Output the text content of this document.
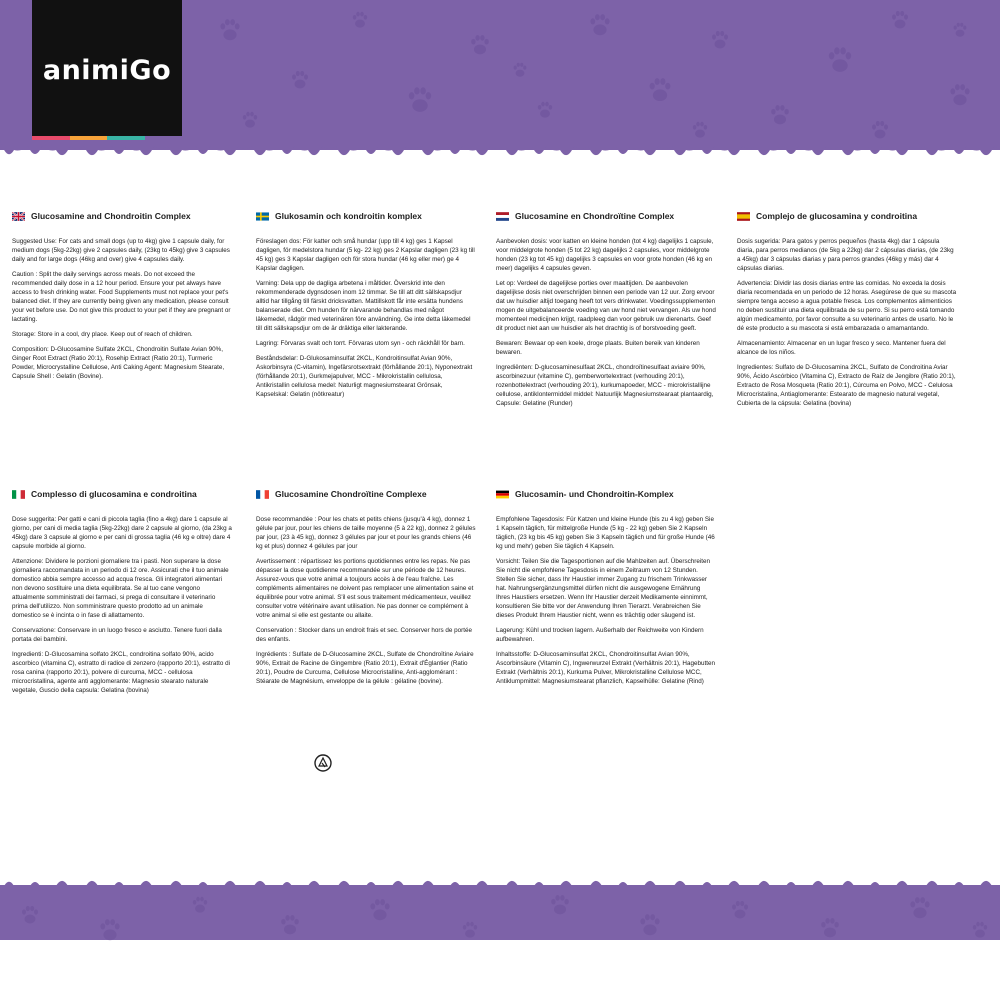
animiGo
Glucosamine and Chondroitin Complex

Suggested Use: For cats and small dogs (up to 4kg) give 1 capsule daily, for medium dogs (5kg-22kg) give 2 capsules daily, (23kg to 45kg) give 3 capsules daily and for large dogs (46kg and over) give 4 capsules daily.

Caution : Split the daily servings across meals. Do not exceed the recommended daily dose in a 12 hour period. Ensure your pet always have access to fresh drinking water. Food Supplements must not replace your pet's balanced diet. If they are currently being given any medication, please consult your vet before use. Do not give this product to your pet if they are pregnant or lactating.

Storage: Store in a cool, dry place. Keep out of reach of children.

Composition: D-Glucosamine Sulfate 2KCL, Chondroitin Sulfate Avian 90%, Ginger Root Extract (Ratio 20:1), Rosehip Extract (Ratio 20:1), Turmeric Powder, Microcrystalline Cellulose, Anti Caking Agent: Magnesium Stearate, Capsule Shell : Gelatin (Bovine).

Glukosamin och kondroitin komplex

Föreslagen dos: För katter och små hundar (upp till 4 kg) ges 1 Kapsel dagligen, för medelstora hundar (5 kg- 22 kg) ges 2 Kapslar dagligen (23 kg till 45 kg) ges 3 Kapslar dagligen och för stora hundar (46 kg eller mer) ge 4 Kapslar dagligen.

Varning: Dela upp de dagliga arbetena i måltider. Överskrid inte den rekommenderade dygnsdosen inom 12 timmar. Se till att ditt sällskapsdjur alltid har tillgång till färskt dricksvatten. Mattillskott får inte ersätta hundens balanserade diet. Om hunden för närvarande behandlas med något läkemedel, rådgör med veterinären före användning. Ge inte detta läkemedel till ditt sällskapsdjur om de är dräktiga eller lakterande.

Lagring: Förvaras svalt och torrt. Förvaras utom syn - och räckhåll för barn.

Beståndsdelar: D-Glukosaminsulfat 2KCL, Kondroitinsulfat Avian 90%, Askorbinsyra (C-vitamin), Ingefärsrotsextrakt (förhållande 20:1), Nyponextrakt (förhållande 20:1), Gurkmejapulver, MCC - Mikrokristallin cellulosa, Antikristallin cellulosa medel: Naturligt magnesiumstearat Grönsak, Kapselskal: Gelatin (nötkreatur)

Glucosamine en Chondroïtine Complex

Aanbevolen dosis: voor katten en kleine honden (tot 4 kg) dagelijks 1 capsule, voor middelgrote honden (5 tot 22 kg) dagelijks 2 capsules, voor middelgrote honden (23 kg tot 45 kg) dagelijks 3 capsules en voor grote honden (46 kg en meer) dagelijks 4 capsules geven.

Let op: Verdeel de dagelijkse porties over maaltijden. De aanbevolen dagelijkse dosis niet overschrijden binnen een periode van 12 uur. Zorg ervoor dat uw huisdier altijd toegang heeft tot vers drinkwater. Voedingssupplementen mogen de uitgebalanceerde voeding van uw hond niet vervangen. Als uw hond momenteel medicijnen krijgt, raadpleeg dan voor gebruik uw dierenarts. Geef dit product niet aan uw huisdier als het drachtig is of borstvoeding geeft.

Bewaren: Bewaar op een koele, droge plaats. Buiten bereik van kinderen bewaren.

Ingrediënten: D-glucosaminesulfaat 2KCL, chondroïtinesulfaat aviaire 90%, ascorbinezuur (vitamine C), gemberwortelextract (verhouding 20:1), rozenbottelextract (verhouding 20:1), kurkumapoeder, MCC - microkristallijne cellulose, antiklontermiddel middel: Natuurlijk Magnesiumstearaat plantaardig, Capsule: Gelatine (Runder)

Complejo de glucosamina y condroitina

Dosis sugerida: Para gatos y perros pequeños (hasta 4kg) dar 1 cápsula diaria, para perros medianos (de 5kg a 22kg) dar 2 cápsulas diarias, (de 23kg a 45kg) dar 3 cápsulas diarias y para perros grandes (46kg y más) dar 4 cápsulas diarias.

Advertencia: Dividir las dosis diarias entre las comidas. No exceda la dosis diaria recomendada en un periodo de 12 horas. Asegúrese de que su mascota siempre tenga acceso a agua potable fresca. Los complementos alimenticios no deben sustituir una dieta equilibrada de su perro. Si su perro está tomando algún medicamento, por favor consulte a su veterinario antes de usarlo. No le dé este producto a su mascota si está embarazada o amamantando.

Almacenamiento: Almacenar en un lugar fresco y seco. Mantener fuera del alcance de los niños.

Ingredientes: Sulfato de D-Glucosamina 2KCL, Sulfato de Condroitina Aviar 90%, Ácido Ascórbico (Vitamina C), Extracto de Raíz de Jengibre (Ratio 20:1), Extracto de Rosa Mosqueta (Ratio 20:1), Cúrcuma en Polvo, MCC - Celulosa Microcristalina, Antiaglomerante: Estearato de magnesio natural vegetal, Cubierta de la cápsula: Gelatina (bovina)

Complesso di glucosamina e condroitina

Dose suggerita: Per gatti e cani di piccola taglia (fino a 4kg) dare 1 capsule al giorno, per cani di media taglia (5kg-22kg) dare 2 capsule al giorno, (da 23kg a 45kg) dare 3 capsule al giorno e per cani di grossa taglia (46 kg e oltre) dare 4 capsule morbide al giorno.

Attenzione: Dividere le porzioni giornaliere tra i pasti. Non superare la dose giornaliera raccomandata in un periodo di 12 ore. Assicurati che il tuo animale domestico abbia sempre accesso ad acqua fresca. Gli integratori alimentari non devono sostituire una dieta equilibrata. Se al tuo cane vengono attualmente somministrati dei farmaci, si prega di consultare il veterinario prima dell'utilizzo. Non somministrare questo prodotto ad un animale domestico se è incinta o in fase di allattamento.

Conservazione: Conservare in un luogo fresco e asciutto. Tenere fuori dalla portata dei bambini.

Ingredienti: D-Glucosamina solfato 2KCL, condroitina solfato 90%, acido ascorbico (vitamina C), estratto di radice di zenzero (rapporto 20:1), estratto di rosa canina (rapporto 20:1), polvere di curcuma, MCC - cellulosa microcristallina, agente anti agglomerante: Magnesio stearato naturale vegetale, Guscio della capsula: Gelatina (bovina)

Glucosamine Chondroïtine Complexe

Dose recommandée : Pour les chats et petits chiens (jusqu'à 4 kg), donnez 1 gélule par jour, pour les chiens de taille moyenne (5 à 22 kg), donnez 2 gélules par jour, (23 à 45 kg), donnez 3 gélules par jour et pour les grands chiens (46 kg et plus) donnez 4 gélules par jour

Avertissement : répartissez les portions quotidiennes entre les repas. Ne pas dépasser la dose quotidienne recommandée sur une période de 12 heures. Assurez-vous que votre animal a toujours accès à de l'eau fraîche. Les compléments alimentaires ne doivent pas remplacer une alimentation saine et équilibrée pour votre animal. S'il est sous traitement médicamenteux, veuillez consulter votre vétérinaire avant utilisation. Ne pas donner ce complément à votre animal si elle est gestante ou allaite.

Conservation : Stocker dans un endroit frais et sec. Conserver hors de portée des enfants.

Ingrédients : Sulfate de D-Glucosamine 2KCL, Sulfate de Chondroïtine Aviaire 90%, Extrait de Racine de Gingembre (Ratio 20:1), Extrait d'Églantier (Ratio 20:1), Poudre de Curcuma, Cellulose Microcristalline, Anti-agglomérant : Stéarate de Magnésium, enveloppe de la gélule : gélatine (bovine).

Glucosamin- und Chondroitin-Komplex

Empfohlene Tagesdosis: Für Katzen und kleine Hunde (bis zu 4 kg) geben Sie 1 Kapseln täglich, für mittelgroße Hunde (5 kg - 22 kg) geben Sie 2 Kapseln täglich, (23 kg bis 45 kg) geben Sie 3 Kapseln täglich und für große Hunde (46 kg und mehr) geben Sie täglich 4 Kapseln.

Vorsicht: Teilen Sie die Tagesportionen auf die Mahlzeiten auf. Überschreiten Sie nicht die empfohlene Tagesdosis in einem Zeitraum von 12 Stunden. Stellen Sie sicher, dass Ihr Haustier immer Zugang zu frischem Trinkwasser hat. Nahrungsergänzungsmittel dürfen nicht die ausgewogene Ernährung Ihres Haustiers ersetzen. Wenn Ihr Haustier derzeit Medikamente einnimmt, konsultieren Sie bitte vor der Anwendung Ihren Tierarzt. Verabreichen Sie dieses Produkt Ihrem Haustier nicht, wenn es trächtig oder säugend ist.

Lagerung: Kühl und trocken lagern. Außerhalb der Reichweite von Kindern aufbewahren.

Inhaltsstoffe: D-Glucosaminsulfat 2KCL, Chondroitinsulfat Avian 90%, Ascorbinsäure (Vitamin C), Ingwerwurzel Extrakt (Verhältnis 20:1), Hagebutten Extrakt (Verhältnis 20:1), Kurkuma Pulver, Mikrokristalline Cellulose MCC, Antiklumpmittel: Magnesiumstearat pflanzlich, Kapselhülle: Gelatine (Rind)
